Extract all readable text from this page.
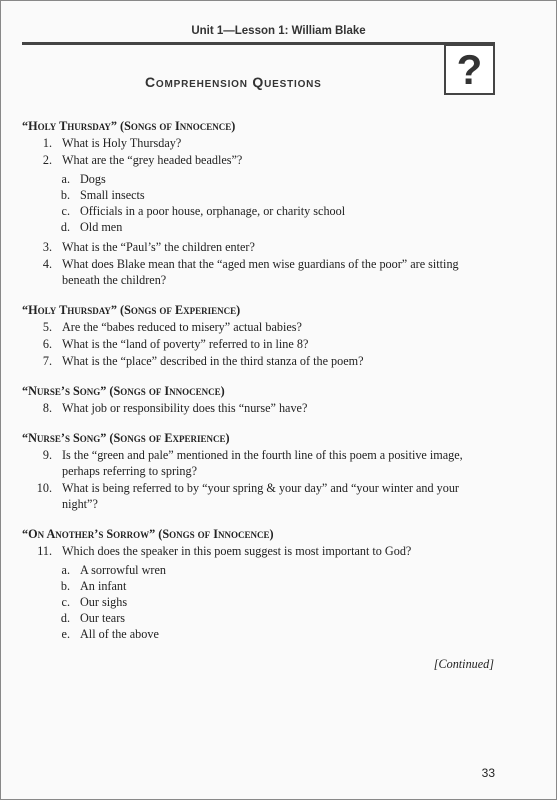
Unit 1—Lesson 1: William Blake
?
Comprehension Questions
“Holy Thursday” (Songs of Innocence)
1. What is Holy Thursday?
2. What are the “grey headed beadles”?
a. Dogs
b. Small insects
c. Officials in a poor house, orphanage, or charity school
d. Old men
3. What is the “Paul’s” the children enter?
4. What does Blake mean that the “aged men wise guardians of the poor” are sitting beneath the children?
“Holy Thursday” (Songs of Experience)
5. Are the “babes reduced to misery” actual babies?
6. What is the “land of poverty” referred to in line 8?
7. What is the “place” described in the third stanza of the poem?
“Nurse’s Song” (Songs of Innocence)
8. What job or responsibility does this “nurse” have?
“Nurse’s Song” (Songs of Experience)
9. Is the “green and pale” mentioned in the fourth line of this poem a positive image, perhaps referring to spring?
10. What is being referred to by “your spring & your day” and “your winter and your night”?
“On Another’s Sorrow” (Songs of Innocence)
11. Which does the speaker in this poem suggest is most important to God?
a. A sorrowful wren
b. An infant
c. Our sighs
d. Our tears
e. All of the above
[Continued]
33
